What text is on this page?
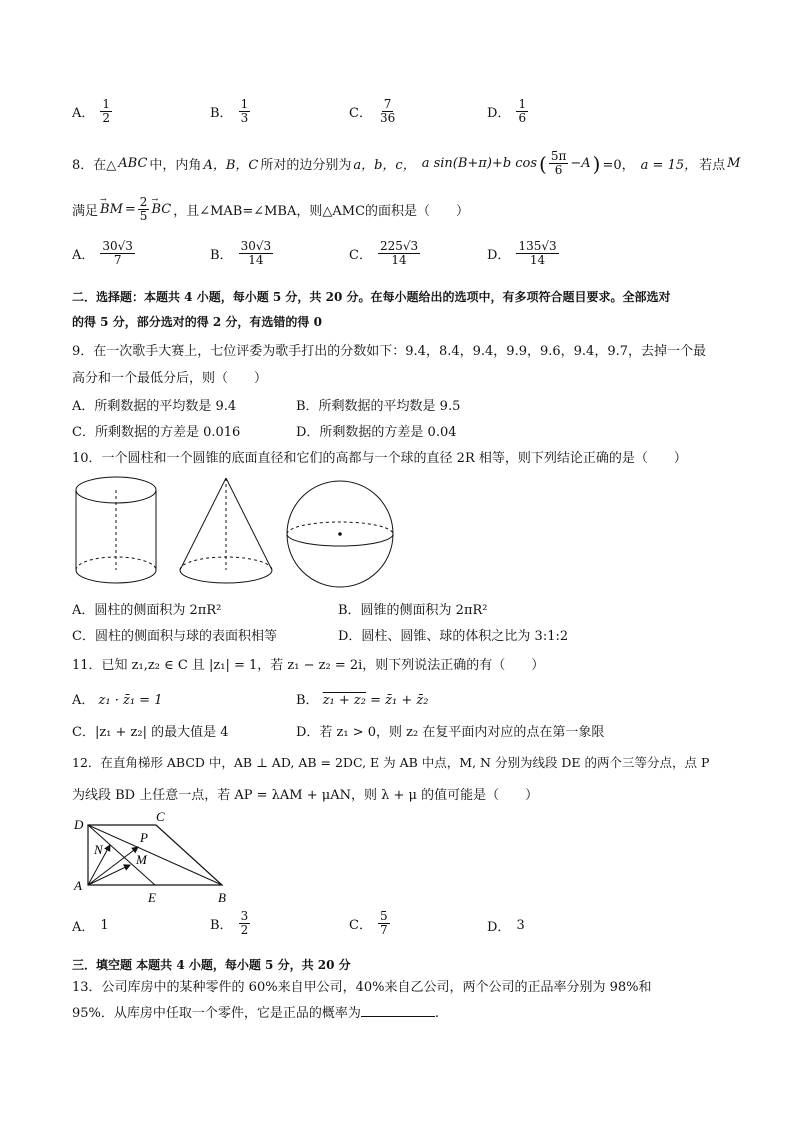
A． $\frac{1}{2}$	B． $\frac{1}{3}$	C． $\frac{7}{36}$	D． $\frac{1}{6}$
8．在△ ABC 中，内角 A，B，C 所对的边分别为 a，b，c， a sin(B+π)+b cos ( $\frac{5\pi}{6} -A$ ) =0， a = 15， 若点 M
满足
→
BM = $\frac{2}{5}$ →
BC ，且∠MAB=∠MBA，则△AMC的面积是（　　）
A． $\frac{30√3}{7}$	B． $\frac{30√3}{14}$	C． $\frac{225√3}{14}$	D． $\frac{135√3}{14}$
二．选择题：本题共 4 小题，每小题 5 分，共 20 分。在每小题给出的选项中，有多项符合题目要求。全部选对
的得 5 分，部分选对的得 2 分，有选错的得 0
9．在一次歌手大赛上，七位评委为歌手打出的分数如下：9.4，8.4，9.4，9.9，9.6，9.4，9.7，去掉一个最
高分和一个最低分后，则（　　）
A．所剩数据的平均数是 9.4	B．所剩数据的平均数是 9.5
C．所剩数据的方差是 0.016	D．所剩数据的方差是 0.04
10．一个圆柱和一个圆锥的底面直径和它们的高都与一个球的直径 2R 相等，则下列结论正确的是（　　）
A．圆柱的侧面积为 2πR²	B．圆锥的侧面积为 2πR²
C．圆柱的侧面积与球的表面积相等	D．圆柱、圆锥、球的体积之比为 3:1:2
11．已知 z₁,z₂ ∈ C 且 |z₁| = 1，若 z₁ − z₂ = 2i，则下列说法正确的有（　　）
A． z₁ · z̄₁ = 1	B． z₁ + z₂ = z̄₁ + z̄₂
C．|z₁ + z₂| 的最大值是 4	D．若 z₁ > 0，则 z₂ 在复平面内对应的点在第一象限
12．在直角梯形 ABCD 中，AB ⊥ AD, AB = 2DC, E 为 AB 中点，M, N 分别为线段 DE 的两个三等分点，点 P
为线段 BD 上任意一点，若 AP = λAM + μAN，则 λ + μ 的值可能是（　　）
D
C
N
P
M
A
E	B
A． 1	B． $\frac{3}{2}$	C． $\frac{5}{7}$	D． 3
三．填空题 本题共 4 小题，每小题 5 分，共 20 分
13．公司库房中的某种零件的 60%来自甲公司，40%来自乙公司，两个公司的正品率分别为 98%和
95%．从库房中任取一个零件，它是正品的概率为	.
